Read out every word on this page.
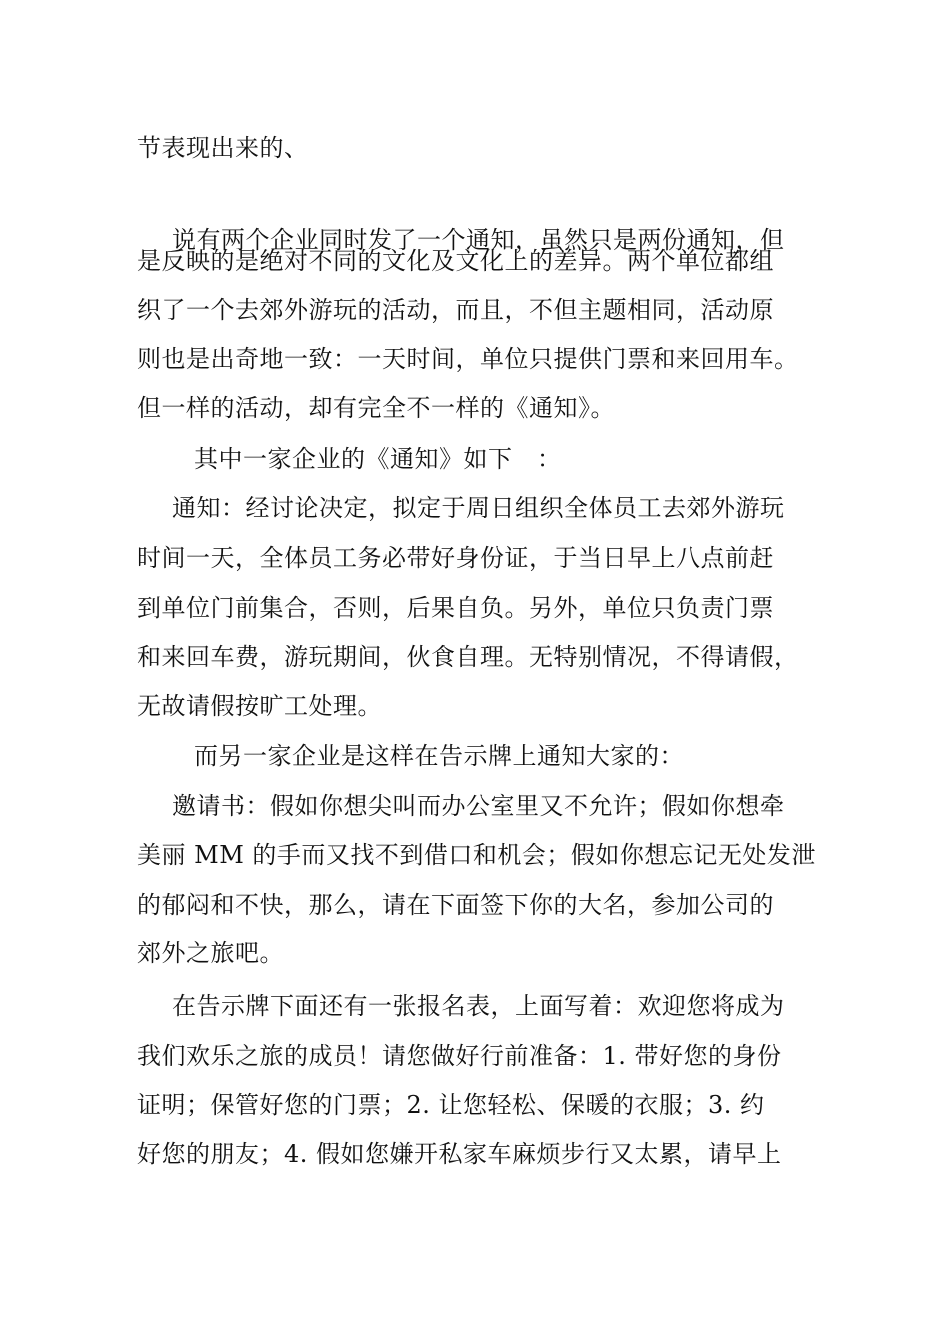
节表现出来的、
说有两个企业同时发了一个通知，虽然只是两份通知，但
是反映的是绝对不同的文化及文化上的差异。两个单位都组
织了一个去郊外游玩的活动，而且，不但主题相同，活动原
则也是出奇地一致：一天时间，单位只提供门票和来回用车。
但一样的活动，却有完全不一样的《通知》。
其中一家企业的《通知》如下　：
通知：经讨论决定，拟定于周日组织全体员工去郊外游玩
时间一天，全体员工务必带好身份证，于当日早上八点前赶
到单位门前集合，否则，后果自负。另外，单位只负责门票
和来回车费，游玩期间，伙食自理。无特别情况，不得请假，
无故请假按旷工处理。
而另一家企业是这样在告示牌上通知大家的：
邀请书：假如你想尖叫而办公室里又不允许；假如你想牵
美丽 MM 的手而又找不到借口和机会；假如你想忘记无处发泄
的郁闷和不快，那么，请在下面签下你的大名，参加公司的
郊外之旅吧。
在告示牌下面还有一张报名表，上面写着：欢迎您将成为
我们欢乐之旅的成员！请您做好行前准备：1. 带好您的身份
证明；保管好您的门票；2. 让您轻松、保暖的衣服；3. 约
好您的朋友；4. 假如您嫌开私家车麻烦步行又太累，请早上
